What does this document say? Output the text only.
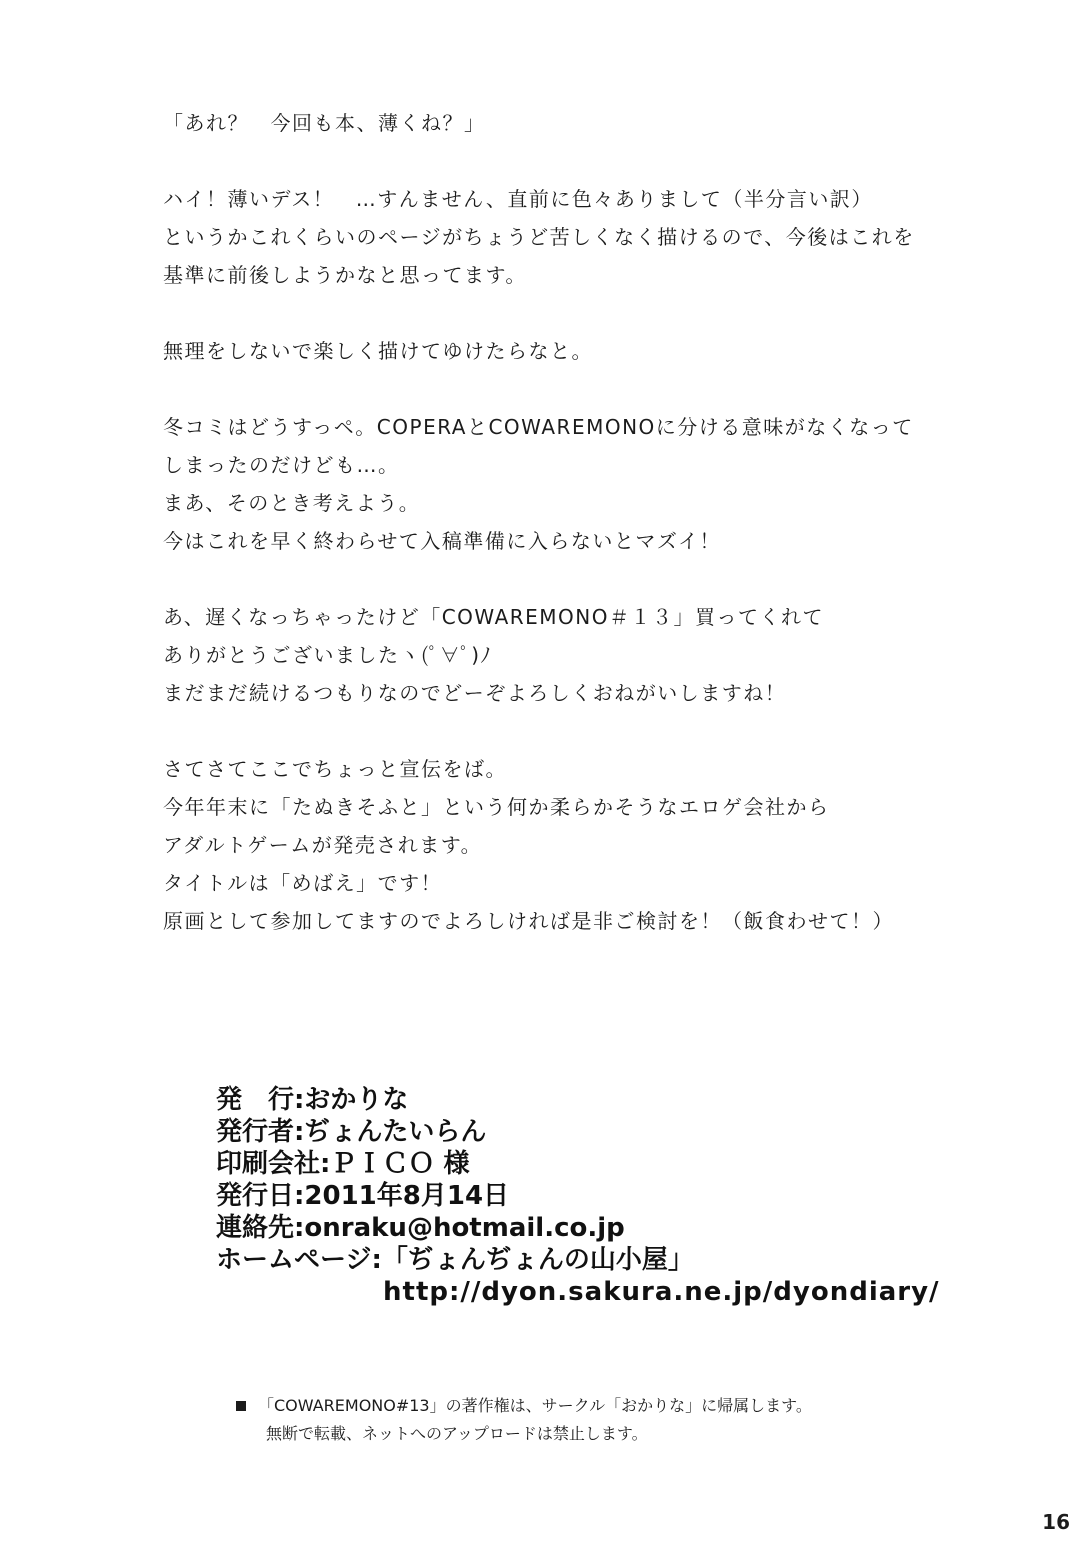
「あれ？　今回も本、薄くね？」
ハイ！薄いデス！　…すんません、直前に色々ありまして（半分言い訳）
というかこれくらいのページがちょうど苦しくなく描けるので、今後はこれを
基準に前後しようかなと思ってます。
無理をしないで楽しく描けてゆけたらなと。
冬コミはどうすっペ。COPERAとCOWAREMONOに分ける意味がなくなって
しまったのだけども…。
まあ、そのとき考えよう。
今はこれを早く終わらせて入稿準備に入らないとマズイ！
あ、遅くなっちゃったけど「COWAREMONO＃１３」買ってくれて
ありがとうございましたヽ(ﾟ∀ﾟ)ﾉ
まだまだ続けるつもりなのでどーぞよろしくおねがいしますね！
さてさてここでちょっと宣伝をば。
今年年末に「たぬきそふと」という何か柔らかそうなエロゲ会社から
アダルトゲームが発売されます。
タイトルは「めばえ」です！
原画として参加してますのでよろしければ是非ご検討を！（飯食わせて！）
発　行:おかりな
発行者:ぢょんたいらん
印刷会社:ＰＩＣＯ 様
発行日:2011年8月14日
連絡先:onraku@hotmail.co.jp
ホームページ:「ぢょんぢょんの山小屋」
http://dyon.sakura.ne.jp/dyondiary/
「COWAREMONO#13」の著作権は、サークル「おかりな」に帰属します。
無断で転載、ネットへのアップロードは禁止します。
16
